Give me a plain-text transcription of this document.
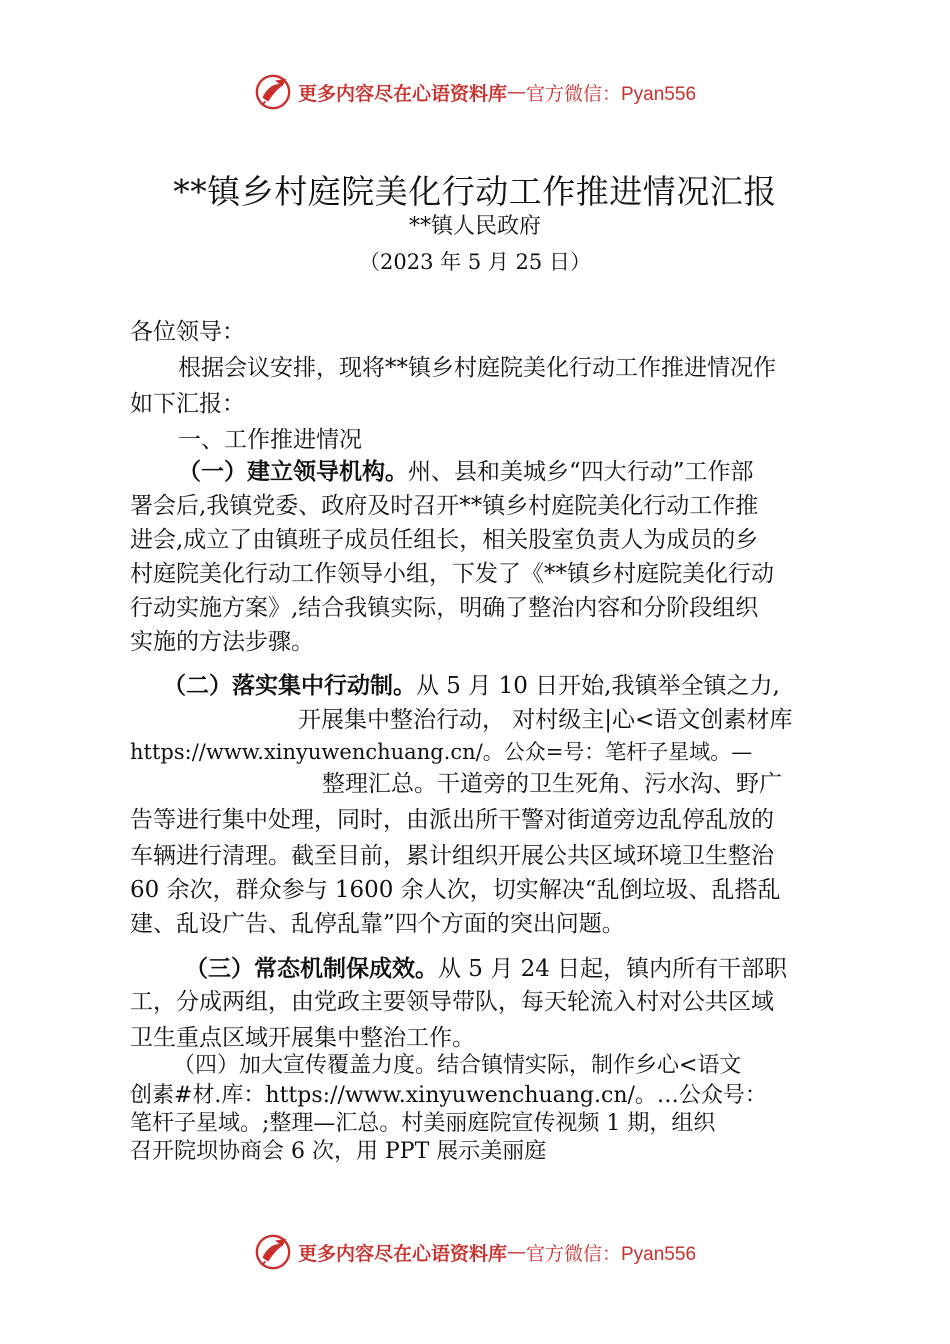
更多内容尽在心语资料库 — 官方微信：Pyan556
**镇乡村庭院美化行动工作推进情况汇报
**镇人民政府
（2023 年 5 月 25 日）
各位领导：
根据会议安排，现将**镇乡村庭院美化行动工作推进情况作
如下汇报：
一、工作推进情况
（一）建立领导机构。州、县和美城乡“四大行动”工作部
署会后,我镇党委、政府及时召开**镇乡村庭院美化行动工作推
进会,成立了由镇班子成员任组长，相关股室负责人为成员的乡
村庭院美化行动工作领导小组，下发了《**镇乡村庭院美化行动
行动实施方案》,结合我镇实际，明确了整治内容和分阶段组织
实施的方法步骤。
（二）落实集中行动制。从 5 月 10 日开始,我镇举全镇之力,
开展集中整治行动， 对村级主|心<语文创素材库
https://www.xinyuwenchuang.cn/。公众=号：笔杆子星域。—
整理汇总。干道旁的卫生死角、污水沟、野广
告等进行集中处理，同时，由派出所干警对街道旁边乱停乱放的
车辆进行清理。截至目前，累计组织开展公共区域环境卫生整治
60 余次，群众参与 1600 余人次，切实解决“乱倒垃圾、乱搭乱
建、乱设广告、乱停乱靠”四个方面的突出问题。
（三）常态机制保成效。从 5 月 24 日起，镇内所有干部职
工，分成两组，由党政主要领导带队，每天轮流入村对公共区域
卫生重点区域开展集中整治工作。
（四）加大宣传覆盖力度。结合镇情实际，制作乡心<语文
创素#材.库：https://www.xinyuwenchuang.cn/。…公众号：
笔杆子星域。;整理—汇总。村美丽庭院宣传视频 1 期，组织
召开院坝协商会 6 次，用 PPT 展示美丽庭
更多内容尽在心语资料库 — 官方微信：Pyan556
